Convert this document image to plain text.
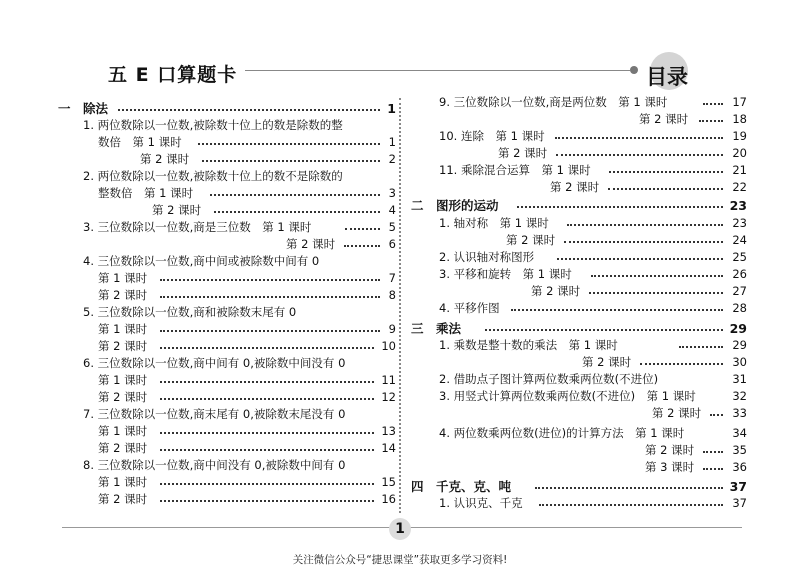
五 E 口算题卡	目录
一　除法	1
1. 两位数除以一位数,被除数十位上的数是除数的整
数倍　第 1 课时	1
第 2 课时	2
2. 两位数除以一位数,被除数十位上的数不是除数的
整数倍　第 1 课时	3
第 2 课时	4
3. 三位数除以一位数,商是三位数　第 1 课时	5
第 2 课时	6
4. 三位数除以一位数,商中间或被除数中间有 0
第 1 课时	7
第 2 课时	8
5. 三位数除以一位数,商和被除数末尾有 0
第 1 课时	9
第 2 课时	10
6. 三位数除以一位数,商中间有 0,被除数中间没有 0
第 1 课时	11
第 2 课时	12
7. 三位数除以一位数,商末尾有 0,被除数末尾没有 0
第 1 课时	13
第 2 课时	14
8. 三位数除以一位数,商中间没有 0,被除数中间有 0
第 1 课时	15
第 2 课时	16
9. 三位数除以一位数,商是两位数　第 1 课时	17
第 2 课时	18
10. 连除　第 1 课时	19
第 2 课时	20
11. 乘除混合运算　第 1 课时	21
第 2 课时	22
二　图形的运动	23
1. 轴对称　第 1 课时	23
第 2 课时	24
2. 认识轴对称图形	25
3. 平移和旋转　第 1 课时	26
第 2 课时	27
4. 平移作图	28
三　乘法	29
1. 乘数是整十数的乘法　第 1 课时	29
第 2 课时	30
2. 借助点子图计算两位数乘两位数(不进位)	31
3. 用竖式计算两位数乘两位数(不进位)　第 1 课时	32
第 2 课时	33
4. 两位数乘两位数(进位)的计算方法　第 1 课时	34
第 2 课时	35
第 3 课时	36
四　千克、克、吨	37
1. 认识克、千克	37
1
关注微信公众号“捷思课堂”获取更多学习资料!
